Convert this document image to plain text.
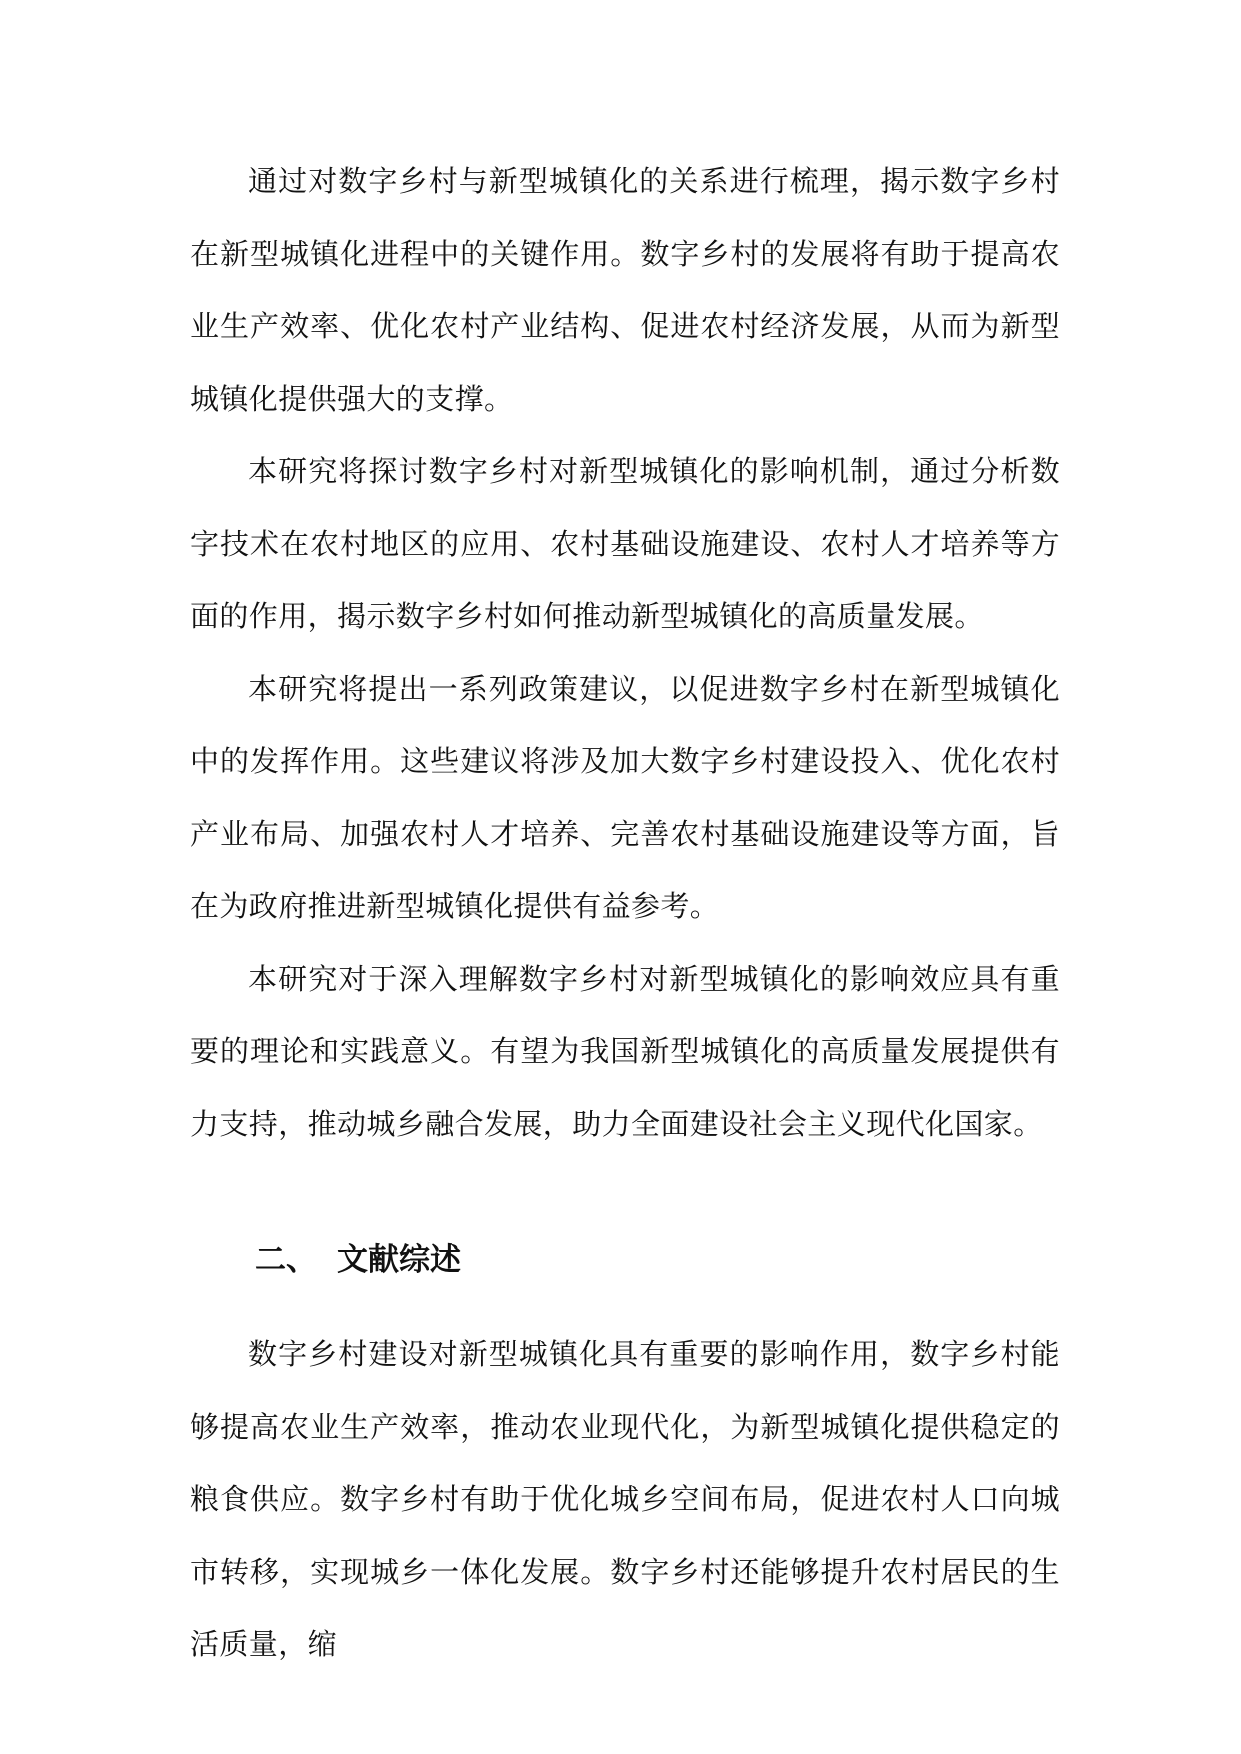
通过对数字乡村与新型城镇化的关系进行梳理，揭示数字乡村在新型城镇化进程中的关键作用。数字乡村的发展将有助于提高农业生产效率、优化农村产业结构、促进农村经济发展，从而为新型城镇化提供强大的支撑。

本研究将探讨数字乡村对新型城镇化的影响机制，通过分析数字技术在农村地区的应用、农村基础设施建设、农村人才培养等方面的作用，揭示数字乡村如何推动新型城镇化的高质量发展。

本研究将提出一系列政策建议，以促进数字乡村在新型城镇化中的发挥作用。这些建议将涉及加大数字乡村建设投入、优化农村产业布局、加强农村人才培养、完善农村基础设施建设等方面，旨在为政府推进新型城镇化提供有益参考。

本研究对于深入理解数字乡村对新型城镇化的影响效应具有重要的理论和实践意义。有望为我国新型城镇化的高质量发展提供有力支持，推动城乡融合发展，助力全面建设社会主义现代化国家。

二、 文献综述

数字乡村建设对新型城镇化具有重要的影响作用，数字乡村能够提高农业生产效率，推动农业现代化，为新型城镇化提供稳定的粮食供应。数字乡村有助于优化城乡空间布局，促进农村人口向城市转移，实现城乡一体化发展。数字乡村还能够提升农村居民的生活质量，缩
